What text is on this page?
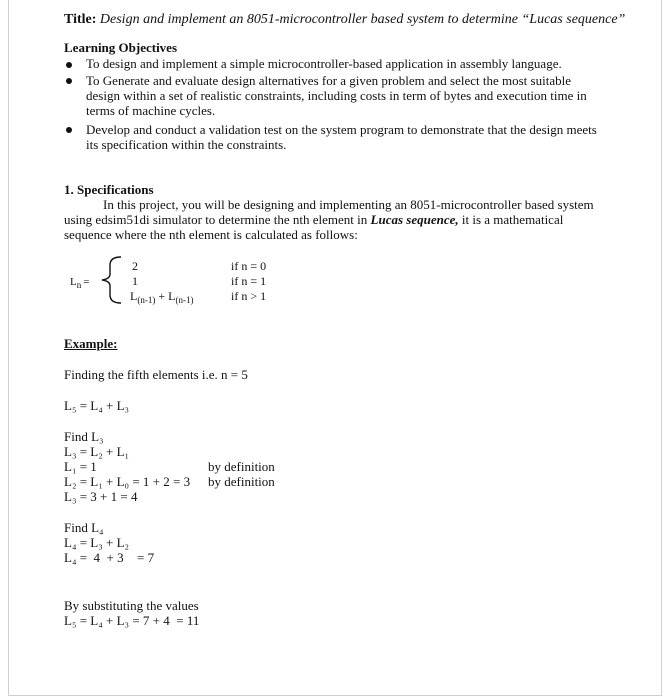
Title: Design and implement an 8051-microcontroller based system to determine “Lucas sequence”
Learning Objectives
To design and implement a simple microcontroller-based application in assembly language.
To Generate and evaluate design alternatives for a given problem and select the most suitable
design within a set of realistic constraints, including costs in term of bytes and execution time in
terms of machine cycles.
Develop and conduct a validation test on the system program to demonstrate that the design meets
its specification within the constraints.
1. Specifications
In this project, you will be designing and implementing an 8051-microcontroller based system
using edsim51di simulator to determine the nth element in Lucas sequence, it is a mathematical
sequence where the nth element is calculated as follows:
$L_n$ =
2
1
$L_{(n-1)} + L_{(n-1)}$
if n = 0
if n = 1
if n > 1
Example:
Finding the fifth elements i.e. n = 5
L₅ = L₄ + L₃
Find L₃
L₃ = L₂ + L₁
L₁ = 1	by definition
L₂ = L₁ + L₀ = 1 + 2 = 3 by definition
L₃ = 3 + 1 = 4
Find L₄
L₄ = L₃ + L₂
L₄ =  4  + 3 = 7
By substituting the values
L₅ = L₄ + L₃ = 7 + 4  = 11
